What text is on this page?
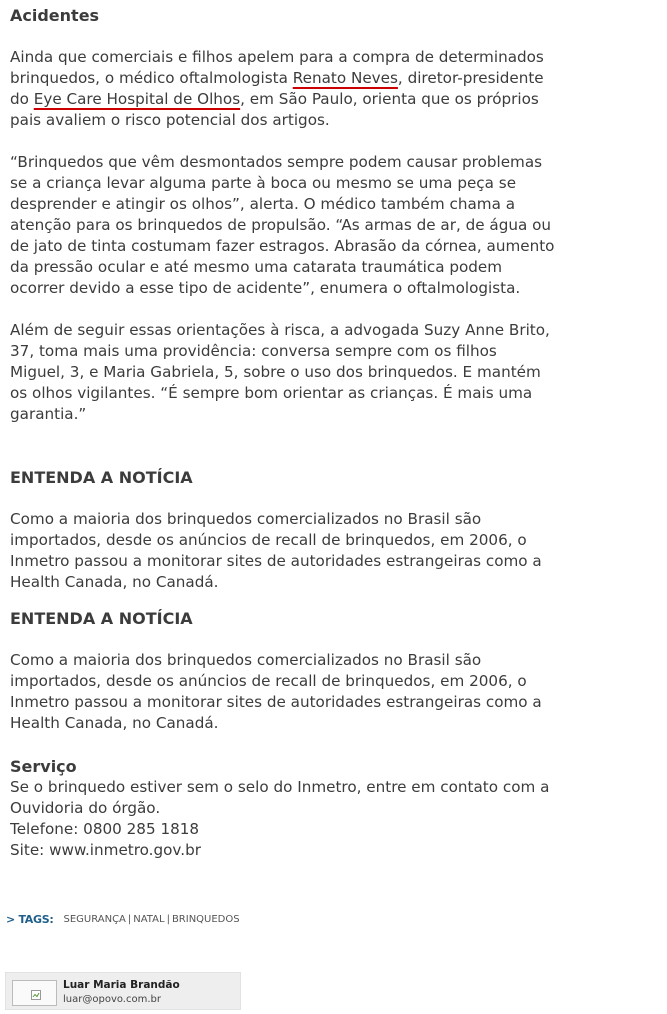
Acidentes

Ainda que comerciais e filhos apelem para a compra de determinados brinquedos, o médico oftalmologista Renato Neves, diretor-presidente do Eye Care Hospital de Olhos, em São Paulo, orienta que os próprios pais avaliem o risco potencial dos artigos.

“Brinquedos que vêm desmontados sempre podem causar problemas se a criança levar alguma parte à boca ou mesmo se uma peça se desprender e atingir os olhos”, alerta. O médico também chama a atenção para os brinquedos de propulsão. “As armas de ar, de água ou de jato de tinta costumam fazer estragos. Abrasão da córnea, aumento da pressão ocular e até mesmo uma catarata traumática podem ocorrer devido a esse tipo de acidente”, enumera o oftalmologista.

Além de seguir essas orientações à risca, a advogada Suzy Anne Brito, 37, toma mais uma providência: conversa sempre com os filhos Miguel, 3, e Maria Gabriela, 5, sobre o uso dos brinquedos. E mantém os olhos vigilantes. “É sempre bom orientar as crianças. É mais uma garantia.”

ENTENDA A NOTÍCIA

Como a maioria dos brinquedos comercializados no Brasil são importados, desde os anúncios de recall de brinquedos, em 2006, o Inmetro passou a monitorar sites de autoridades estrangeiras como a Health Canada, no Canadá.

ENTENDA A NOTÍCIA

Como a maioria dos brinquedos comercializados no Brasil são importados, desde os anúncios de recall de brinquedos, em 2006, o Inmetro passou a monitorar sites de autoridades estrangeiras como a Health Canada, no Canadá.

Serviço

Se o brinquedo estiver sem o selo do Inmetro, entre em contato com a Ouvidoria do órgão.

Telefone: 0800 285 1818

Site: www.inmetro.gov.br

> TAGS: SEGURANÇA | NATAL | BRINQUEDOS
Luar Maria Brandão
luar@opovo.com.br
